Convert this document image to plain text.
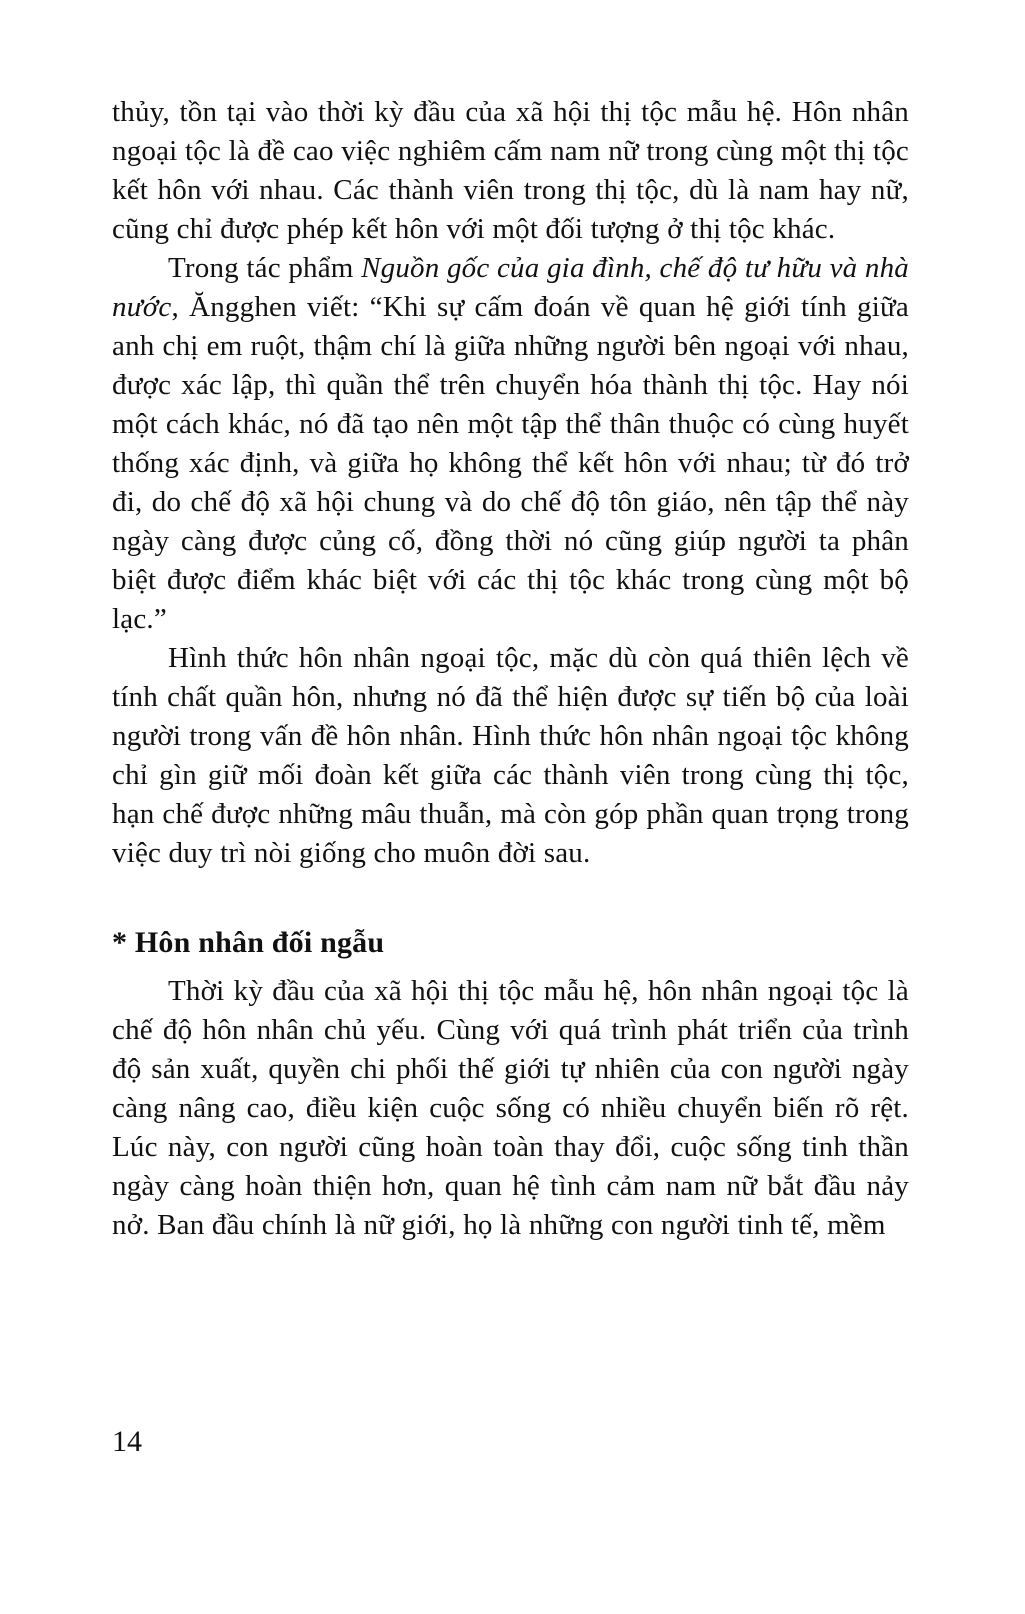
thủy, tồn tại vào thời kỳ đầu của xã hội thị tộc mẫu hệ. Hôn nhân ngoại tộc là đề cao việc nghiêm cấm nam nữ trong cùng một thị tộc kết hôn với nhau. Các thành viên trong thị tộc, dù là nam hay nữ, cũng chỉ được phép kết hôn với một đối tượng ở thị tộc khác.

Trong tác phẩm Nguồn gốc của gia đình, chế độ tư hữu và nhà nước, Ăngghen viết: “Khi sự cấm đoán về quan hệ giới tính giữa anh chị em ruột, thậm chí là giữa những người bên ngoại với nhau, được xác lập, thì quần thể trên chuyển hóa thành thị tộc. Hay nói một cách khác, nó đã tạo nên một tập thể thân thuộc có cùng huyết thống xác định, và giữa họ không thể kết hôn với nhau; từ đó trở đi, do chế độ xã hội chung và do chế độ tôn giáo, nên tập thể này ngày càng được củng cố, đồng thời nó cũng giúp người ta phân biệt được điểm khác biệt với các thị tộc khác trong cùng một bộ lạc.”

Hình thức hôn nhân ngoại tộc, mặc dù còn quá thiên lệch về tính chất quần hôn, nhưng nó đã thể hiện được sự tiến bộ của loài người trong vấn đề hôn nhân. Hình thức hôn nhân ngoại tộc không chỉ gìn giữ mối đoàn kết giữa các thành viên trong cùng thị tộc, hạn chế được những mâu thuẫn, mà còn góp phần quan trọng trong việc duy trì nòi giống cho muôn đời sau.

* Hôn nhân đối ngẫu

Thời kỳ đầu của xã hội thị tộc mẫu hệ, hôn nhân ngoại tộc là chế độ hôn nhân chủ yếu. Cùng với quá trình phát triển của trình độ sản xuất, quyền chi phối thế giới tự nhiên của con người ngày càng nâng cao, điều kiện cuộc sống có nhiều chuyển biến rõ rệt. Lúc này, con người cũng hoàn toàn thay đổi, cuộc sống tinh thần ngày càng hoàn thiện hơn, quan hệ tình cảm nam nữ bắt đầu nảy nở. Ban đầu chính là nữ giới, họ là những con người tinh tế, mềm

14
